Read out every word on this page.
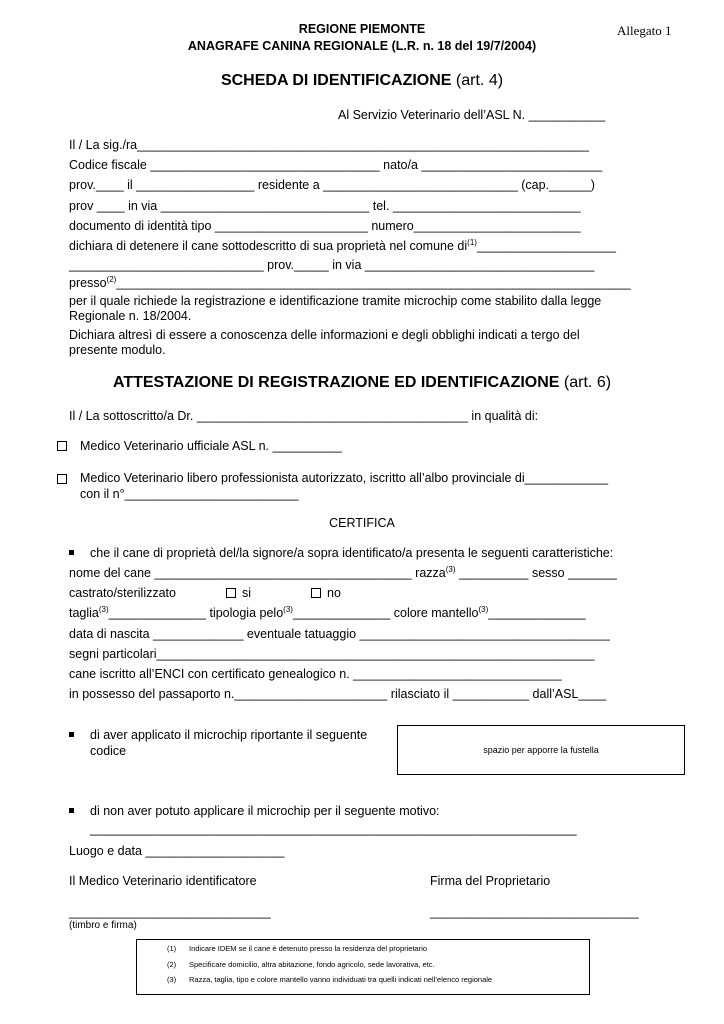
REGIONE PIEMONTE
ANAGRAFE CANINA REGIONALE (L.R. n. 18 del 19/7/2004)
Allegato 1
SCHEDA DI IDENTIFICAZIONE (art. 4)
Al Servizio Veterinario dell’ASL N. ___________
Il / La sig./ra_________________________________________________________________
Codice fiscale _________________________________ nato/a __________________________
prov.____ il _________________ residente a ____________________________ (cap.______)
prov ____ in via ______________________________ tel. ___________________________
documento di identità tipo ______________________ numero________________________
dichiara di detenere il cane sottodescritto di sua proprietà nel comune $di^{(1)}\_\_\_\_\_\_\_\_\_\_\_\_\_\_\_\_\_\_\_\_$
____________________________ prov._____ in via _________________________________
presso$^{(2)}$__________________________________________________________________________
per il quale richiede la registrazione e identificazione tramite microchip come stabilito dalla legge
Regionale n. 18/2004.
Dichiara altresì di essere a conoscenza delle informazioni e degli obblighi indicati a tergo del
presente modulo.
ATTESTAZIONE DI REGISTRAZIONE ED IDENTIFICAZIONE (art. 6)
Il / La sottoscritto/a Dr. _______________________________________ in qualità di:
Medico Veterinario ufficiale ASL n. __________
Medico Veterinario libero professionista autorizzato, iscritto all’albo provinciale di____________
con il n°_________________________
CERTIFICA
che il cane di proprietà del/la signore/a sopra identificato/a presenta le seguenti caratteristiche:
nome del cane _____________________________________ razza$^{(3)}$ __________ sesso _______
castrato/sterilizzato	si	no
taglia$^{(3)}$______________ tipologia pelo$^{(3)}$______________ colore mantello$^{(3)}$______________
data di nascita _____________ eventuale tatuaggio ____________________________________
segni particolari_______________________________________________________________
cane iscritto all’ENCI con certificato genealogico n. ______________________________
in possesso del passaporto n.______________________ rilasciato il ___________ dall’ASL____
di aver applicato il microchip riportante il seguente
codice	spazio per apporre la fustella
di non aver potuto applicare il microchip per il seguente motivo:
______________________________________________________________________
Luogo e data ____________________
Il Medico Veterinario identificatore	Firma del Proprietario
_____________________________	______________________________
(timbro e firma)
(1) Indicare IDEM se il cane è detenuto presso la residenza del proprietario
(2) Specificare domicilio, altra abitazione, fondo agricolo, sede lavorativa, etc.
(3) Razza, taglia, tipo e colore mantello vanno individuati tra quelli indicati nell’elenco regionale
